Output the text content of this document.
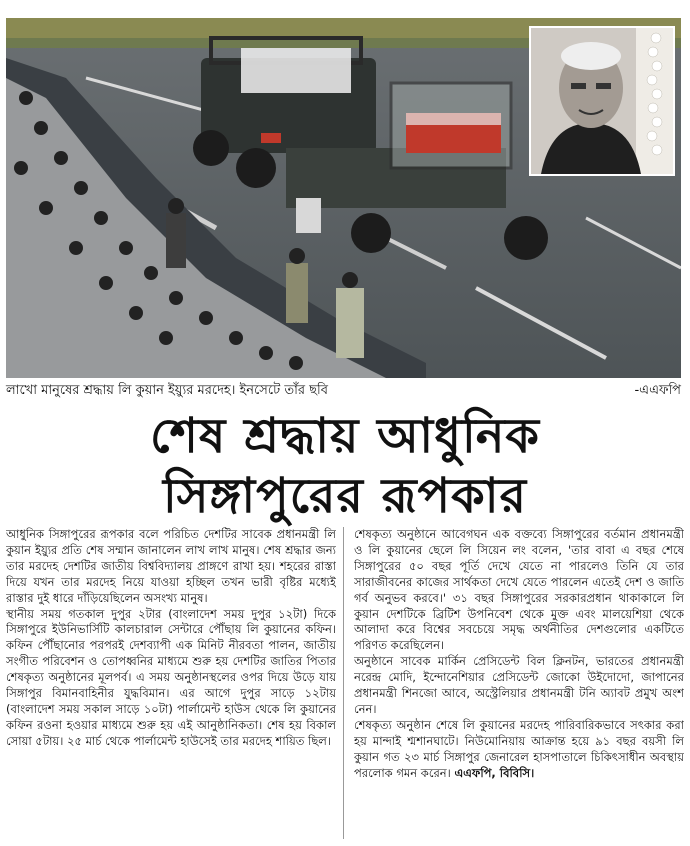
লাখো মানুষের শ্রদ্ধায় লি কুয়ান ইয়্যুর মরদেহ। ইনসেটে তাঁর ছবি	-এএফপি
শেষ শ্রদ্ধায় আধুনিক
সিঙ্গাপুরের রূপকার

আধুনিক সিঙ্গাপুরের রূপকার বলে পরিচিত দেশটির সাবেক প্রধানমন্ত্রী লি কুয়ান ইয়্যুর প্রতি শেষ সম্মান জানালেন লাখ লাখ মানুষ। শেষ শ্রদ্ধার জন্য তার মরদেহ দেশটির জাতীয় বিশ্ববিদ্যালয় প্রাঙ্গণে রাখা হয়। শহরের রাস্তা দিয়ে যখন তার মরদেহ নিয়ে যাওয়া হচ্ছিল তখন ভারী বৃষ্টির মধ্যেই রাস্তার দুই ধারে দাঁড়িয়েছিলেন অসংখ্য মানুষ।

স্থানীয় সময় গতকাল দুপুর ২টার (বাংলাদেশ সময় দুপুর ১২টা) দিকে সিঙ্গাপুরে ইউনিভার্সিটি কালচারাল সেন্টারে পৌঁছায় লি কুয়ানের কফিন। কফিন পৌঁছানোর পরপরই দেশব্যাপী এক মিনিট নীরবতা পালন, জাতীয় সংগীত পরিবেশন ও তোপধ্বনির মাধ্যমে শুরু হয় দেশটির জাতির পিতার শেষকৃত্য অনুষ্ঠানের মূলপর্ব। এ সময় অনুষ্ঠানস্থলের ওপর দিয়ে উড়ে যায় সিঙ্গাপুর বিমানবাহিনীর যুদ্ধবিমান। এর আগে দুপুর সাড়ে ১২টায় (বাংলাদেশ সময় সকাল সাড়ে ১০টা) পার্লামেন্ট হাউস থেকে লি কুয়ানের কফিন রওনা হওয়ার মাধ্যমে শুরু হয় এই আনুষ্ঠানিকতা। শেষ হয় বিকাল সোয়া ৫টায়। ২৫ মার্চ থেকে পার্লামেন্ট হাউসেই তার মরদেহ শায়িত ছিল।

শেষকৃত্য অনুষ্ঠানে আবেগঘন এক বক্তব্যে সিঙ্গাপুরের বর্তমান প্রধানমন্ত্রী ও লি কুয়ানের ছেলে লি সিয়েন লং বলেন, 'তার বাবা এ বছর শেষে সিঙ্গাপুরের ৫০ বছর পূর্তি দেখে যেতে না পারলেও তিনি যে তার সারাজীবনের কাজের সার্থকতা দেখে যেতে পারলেন এতেই দেশ ও জাতি গর্ব অনুভব করবে।' ৩১ বছর সিঙ্গাপুরের সরকারপ্রধান থাকাকালে লি কুয়ান দেশটিকে ব্রিটিশ উপনিবেশ থেকে মুক্ত এবং মালয়েশিয়া থেকে আলাদা করে বিশ্বের সবচেয়ে সমৃদ্ধ অর্থনীতির দেশগুলোর একটিতে পরিণত করেছিলেন।

অনুষ্ঠানে সাবেক মার্কিন প্রেসিডেন্ট বিল ক্লিনটন, ভারতের প্রধানমন্ত্রী নরেন্দ্র মোদি, ইন্দোনেশিয়ার প্রেসিডেন্ট জোকো উইদোদো, জাপানের প্রধানমন্ত্রী শিনজো আবে, অস্ট্রেলিয়ার প্রধানমন্ত্রী টনি অ্যাবট প্রমুখ অংশ নেন।

শেষকৃত্য অনুষ্ঠান শেষে লি কুয়ানের মরদেহ পারিবারিকভাবে সৎকার করা হয় মান্দাই শ্মশানঘাটে। নিউমোনিয়ায় আক্রান্ত হয়ে ৯১ বছর বয়সী লি কুয়ান গত ২৩ মার্চ সিঙ্গাপুর জেনারেল হাসপাতালে চিকিৎসাধীন অবস্থায় পরলোক গমন করেন। এএফপি, বিবিসি।
